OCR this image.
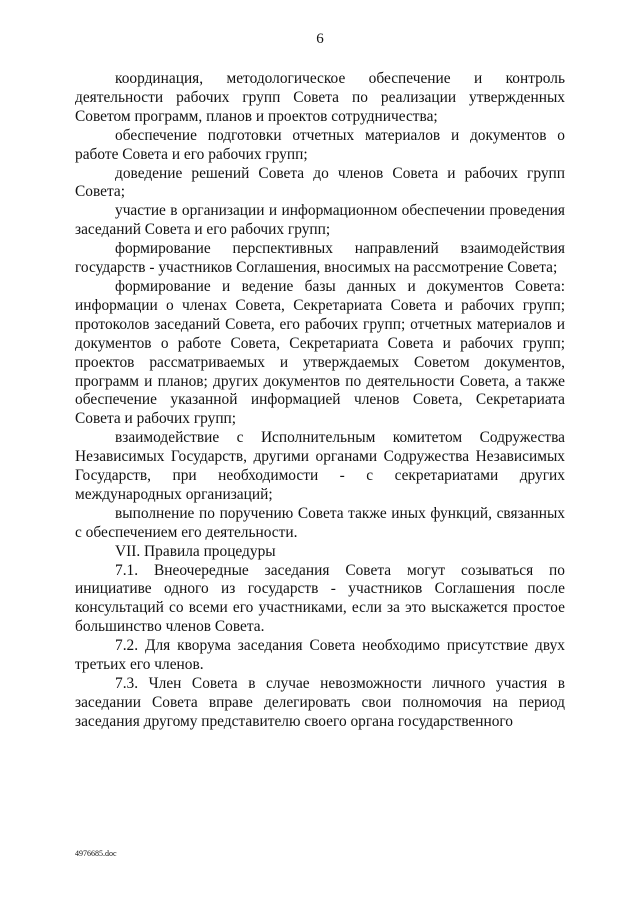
6

координация, методологическое обеспечение и контроль деятельности рабочих групп Совета по реализации утвержденных Советом программ, планов и проектов сотрудничества;

обеспечение подготовки отчетных материалов и документов о работе Совета и его рабочих групп;

доведение решений Совета до членов Совета и рабочих групп Совета;

участие в организации и информационном обеспечении проведения заседаний Совета и его рабочих групп;

формирование перспективных направлений взаимодействия государств - участников Соглашения, вносимых на рассмотрение Совета;

формирование и ведение базы данных и документов Совета: информации о членах Совета, Секретариата Совета и рабочих групп; протоколов заседаний Совета, его рабочих групп; отчетных материалов и документов о работе Совета, Секретариата Совета и рабочих групп; проектов рассматриваемых и утверждаемых Советом документов, программ и планов; других документов по деятельности Совета, а также обеспечение указанной информацией членов Совета, Секретариата Совета и рабочих групп;

взаимодействие с Исполнительным комитетом Содружества Независимых Государств, другими органами Содружества Независимых Государств, при необходимости - с секретариатами других международных организаций;

выполнение по поручению Совета также иных функций, связанных с обеспечением его деятельности.

VII. Правила процедуры

7.1. Внеочередные заседания Совета могут созываться по инициативе одного из государств - участников Соглашения после консультаций со всеми его участниками, если за это выскажется простое большинство членов Совета.

7.2. Для кворума заседания Совета необходимо присутствие двух третьих его членов.

7.3. Член Совета в случае невозможности личного участия в заседании Совета вправе делегировать свои полномочия на период заседания другому представителю своего органа государственного

4976685.doc
